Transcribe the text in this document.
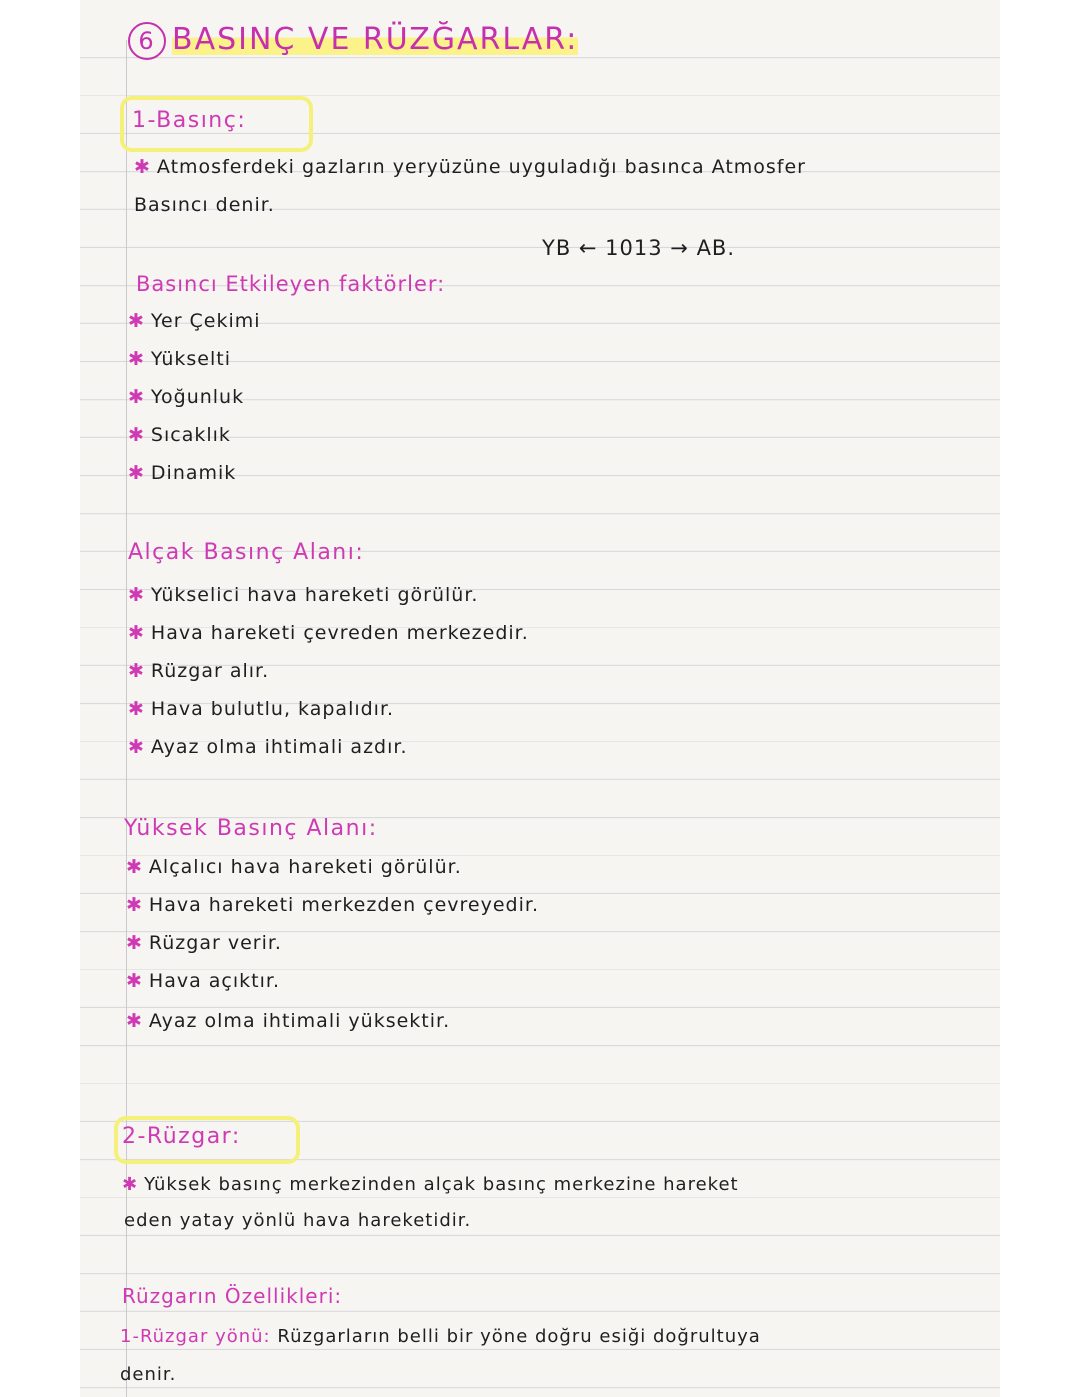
6 BASINÇ VE RÜZĞARLAR:
1-Basınç:
✱ Atmosferdeki gazların yeryüzüne uyguladığı basınca Atmosfer
Basıncı denir.
YB ← 1013 → AB.
Basıncı Etkileyen faktörler:
✱ Yer Çekimi
✱ Yükselti
✱ Yoğunluk
✱ Sıcaklık
✱ Dinamik
Alçak Basınç Alanı:
✱ Yükselici hava hareketi görülür.
✱ Hava hareketi çevreden merkezedir.
✱ Rüzgar alır.
✱ Hava bulutlu, kapalıdır.
✱ Ayaz olma ihtimali azdır.
Yüksek Basınç Alanı:
✱ Alçalıcı hava hareketi görülür.
✱ Hava hareketi merkezden çevreyedir.
✱ Rüzgar verir.
✱ Hava açıktır.
✱ Ayaz olma ihtimali yüksektir.
2-Rüzgar:
✱ Yüksek basınç merkezinden alçak basınç merkezine hareket
eden yatay yönlü hava hareketidir.
Rüzgarın Özellikleri:
1-Rüzgar yönü: Rüzgarların belli bir yöne doğru esiği doğrultuya
denir.
